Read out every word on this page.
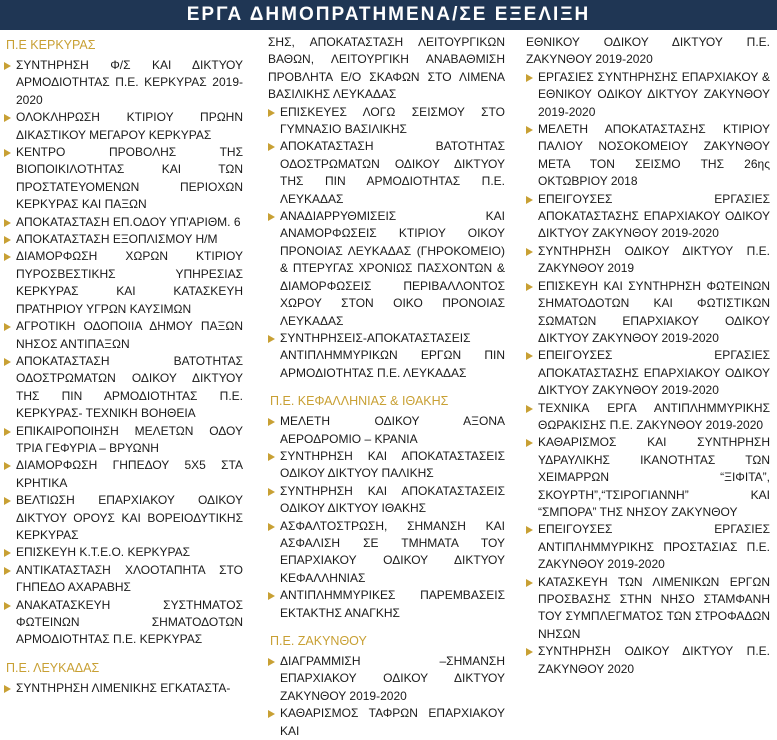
ΕΡΓΑ ΔΗΜΟΠΡΑΤΗΜΕΝΑ/ΣΕ ΕΞΕΛΙΞΗ
Π.Ε ΚΕΡΚΥΡΑΣ
ΣΥΝΤΗΡΗΣΗ Φ/Σ ΚΑΙ ΔΙΚΤΥΟΥ ΑΡΜΟΔΙΟΤΗΤΑΣ Π.Ε. ΚΕΡΚΥΡΑΣ 2019-2020
ΟΛΟΚΛΗΡΩΣΗ ΚΤΙΡΙΟΥ ΠΡΩΗΝ ΔΙΚΑΣΤΙΚΟΥ ΜΕΓΑΡΟΥ ΚΕΡΚΥΡΑΣ
ΚΕΝΤΡΟ ΠΡΟΒΟΛΗΣ ΤΗΣ ΒΙΟΠΟΙΚΙΛΟΤΗΤΑΣ ΚΑΙ ΤΩΝ ΠΡΟΣΤΑΤΕΥΟΜΕΝΩΝ ΠΕΡΙΟΧΩΝ ΚΕΡΚΥΡΑΣ ΚΑΙ ΠΑΞΩΝ
ΑΠΟΚΑΤΑΣΤΑΣΗ ΕΠ.ΟΔΟΥ ΥΠ'ΑΡΙΘΜ. 6
ΑΠΟΚΑΤΑΣΤΑΣΗ ΕΞΟΠΛΙΣΜΟΥ Η/Μ
ΔΙΑΜΟΡΦΩΣΗ ΧΩΡΩΝ ΚΤΙΡΙΟΥ ΠΥΡΟΣΒΕΣΤΙΚΗΣ ΥΠΗΡΕΣΙΑΣ ΚΕΡΚΥΡΑΣ ΚΑΙ ΚΑΤΑΣΚΕΥΗ ΠΡΑΤΗΡΙΟΥ ΥΓΡΩΝ ΚΑΥΣΙΜΩΝ
ΑΓΡΟΤΙΚΗ ΟΔΟΠΟΙΙΑ ΔΗΜΟΥ ΠΑΞΩΝ ΝΗΣΟΣ ΑΝΤΙΠΑΞΩΝ
ΑΠΟΚΑΤΑΣΤΑΣΗ ΒΑΤΟΤΗΤΑΣ ΟΔΟΣΤΡΩΜΑΤΩΝ ΟΔΙΚΟΥ ΔΙΚΤΥΟΥ ΤΗΣ ΠΙΝ ΑΡΜΟΔΙΟΤΗΤΑΣ Π.Ε. ΚΕΡΚΥΡΑΣ- ΤΕΧΝΙΚΗ ΒΟΗΘΕΙΑ
ΕΠΙΚΑΙΡΟΠΟΙΗΣΗ ΜΕΛΕΤΩΝ ΟΔΟΥ ΤΡΙΑ ΓΕΦΥΡΙΑ – ΒΡΥΩΝΗ
ΔΙΑΜΟΡΦΩΣΗ ΓΗΠΕΔΟΥ 5Χ5 ΣΤΑ ΚΡΗΤΙΚΑ
ΒΕΛΤΙΩΣΗ ΕΠΑΡΧΙΑΚΟΥ ΟΔΙΚΟΥ ΔΙΚΤΥΟΥ ΟΡΟΥΣ ΚΑΙ ΒΟΡΕΙΟΔΥΤΙΚΗΣ ΚΕΡΚΥΡΑΣ
ΕΠΙΣΚΕΥΗ Κ.Τ.Ε.Ο. ΚΕΡΚΥΡΑΣ
ΑΝΤΙΚΑΤΑΣΤΑΣΗ ΧΛΟΟΤΑΠΗΤΑ ΣΤΟ ΓΗΠΕΔΟ ΑΧΑΡΑΒΗΣ
ΑΝΑΚΑΤΑΣΚΕΥΗ ΣΥΣΤΗΜΑΤΟΣ ΦΩΤΕΙΝΩΝ ΣΗΜΑΤΟΔΟΤΩΝ ΑΡΜΟΔΙΟΤΗΤΑΣ Π.Ε. ΚΕΡΚΥΡΑΣ
Π.Ε. ΛΕΥΚΑΔΑΣ
ΣΥΝΤΗΡΗΣΗ ΛΙΜΕΝΙΚΗΣ ΕΓΚΑΤΑΣΤΑ-
ΣΗΣ, ΑΠΟΚΑΤΑΣΤΑΣΗ ΛΕΙΤΟΥΡΓΙΚΩΝ ΒΑΘΩΝ, ΛΕΙΤΟΥΡΓΙΚΗ ΑΝΑΒΑΘΜΙΣΗ ΠΡΟΒΛΗΤΑ Ε/Ο ΣΚΑΦΩΝ ΣΤΟ ΛΙΜΕΝΑ ΒΑΣΙΛΙΚΗΣ ΛΕΥΚΑΔΑΣ
ΕΠΙΣΚΕΥΕΣ ΛΟΓΩ ΣΕΙΣΜΟΥ ΣΤΟ ΓΥΜΝΑΣΙΟ ΒΑΣΙΛΙΚΗΣ
ΑΠΟΚΑΤΑΣΤΑΣΗ ΒΑΤΟΤΗΤΑΣ ΟΔΟΣΤΡΩΜΑΤΩΝ ΟΔΙΚΟΥ ΔΙΚΤΥΟΥ ΤΗΣ ΠΙΝ ΑΡΜΟΔΙΟΤΗΤΑΣ Π.Ε. ΛΕΥΚΑΔΑΣ
ΑΝΑΔΙΑΡΡΥΘΜΙΣΕΙΣ ΚΑΙ ΑΝΑΜΟΡΦΩΣΕΙΣ ΚΤΙΡΙΟΥ ΟΙΚΟΥ ΠΡΟΝΟΙΑΣ ΛΕΥΚΑΔΑΣ (ΓΗΡΟΚΟΜΕΙΟ) & ΠΤΕΡΥΓΑΣ ΧΡΟΝΙΩΣ ΠΑΣΧΟΝΤΩΝ & ΔΙΑΜΟΡΦΩΣΕΙΣ ΠΕΡΙΒΑΛΛΟΝΤΟΣ ΧΩΡΟΥ ΣΤΟΝ ΟΙΚΟ ΠΡΟΝΟΙΑΣ ΛΕΥΚΑΔΑΣ
ΣΥΝΤΗΡΗΣΕΙΣ-ΑΠΟΚΑΤΑΣΤΑΣΕΙΣ ΑΝΤΙΠΛΗΜΜΥΡΙΚΩΝ ΕΡΓΩΝ ΠΙΝ ΑΡΜΟΔΙΟΤΗΤΑΣ Π.Ε. ΛΕΥΚΑΔΑΣ
Π.Ε. ΚΕΦΑΛΛΗΝΙΑΣ & ΙΘΑΚΗΣ
ΜΕΛΕΤΗ ΟΔΙΚΟΥ ΑΞΟΝΑ ΑΕΡΟΔΡΟΜΙΟ – ΚΡΑΝΙΑ
ΣΥΝΤΗΡΗΣΗ ΚΑΙ ΑΠΟΚΑΤΑΣΤΑΣΕΙΣ ΟΔΙΚΟΥ ΔΙΚΤΥΟΥ ΠΑΛΙΚΗΣ
ΣΥΝΤΗΡΗΣΗ ΚΑΙ ΑΠΟΚΑΤΑΣΤΑΣΕΙΣ ΟΔΙΚΟΥ ΔΙΚΤΥΟΥ ΙΘΑΚΗΣ
ΑΣΦΑΛΤΟΣΤΡΩΣΗ, ΣΗΜΑΝΣΗ ΚΑΙ ΑΣΦΑΛΙΣΗ ΣΕ ΤΜΗΜΑΤΑ ΤΟΥ ΕΠΑΡΧΙΑΚΟΥ ΟΔΙΚΟΥ ΔΙΚΤΥΟΥ ΚΕΦΑΛΛΗΝΙΑΣ
ΑΝΤΙΠΛΗΜΜΥΡΙΚΕΣ ΠΑΡΕΜΒΑΣΕΙΣ ΕΚΤΑΚΤΗΣ ΑΝΑΓΚΗΣ
Π.Ε. ΖΑΚΥΝΘΟΥ
ΔΙΑΓΡΑΜΜΙΣΗ –ΣΗΜΑΝΣΗ ΕΠΑΡΧΙΑΚΟΥ ΟΔΙΚΟΥ ΔΙΚΤΥΟΥ ΖΑΚΥΝΘΟΥ 2019-2020
ΚΑΘΑΡΙΣΜΟΣ ΤΑΦΡΩΝ ΕΠΑΡΧΙΑΚΟΥ ΚΑΙ
ΕΘΝΙΚΟΥ ΟΔΙΚΟΥ ΔΙΚΤΥΟΥ Π.Ε. ΖΑΚΥΝΘΟΥ 2019-2020
ΕΡΓΑΣΙΕΣ ΣΥΝΤΗΡΗΣΗΣ ΕΠΑΡΧΙΑΚΟΥ & ΕΘΝΙΚΟΥ ΟΔΙΚΟΥ ΔΙΚΤΥΟΥ ΖΑΚΥΝΘΟΥ 2019-2020
ΜΕΛΕΤΗ ΑΠΟΚΑΤΑΣΤΑΣΗΣ ΚΤΙΡΙΟΥ ΠΑΛΙΟΥ ΝΟΣΟΚΟΜΕΙΟΥ ΖΑΚΥΝΘΟΥ ΜΕΤΑ ΤΟΝ ΣΕΙΣΜΟ ΤΗΣ 26ης ΟΚΤΩΒΡΙΟΥ 2018
ΕΠΕΙΓΟΥΣΕΣ ΕΡΓΑΣΙΕΣ ΑΠΟΚΑΤΑΣΤΑΣΗΣ ΕΠΑΡΧΙΑΚΟΥ ΟΔΙΚΟΥ ΔΙΚΤΥΟΥ ΖΑΚΥΝΘΟΥ 2019-2020
ΣΥΝΤΗΡΗΣΗ ΟΔΙΚΟΥ ΔΙΚΤΥΟΥ Π.Ε. ΖΑΚΥΝΘΟΥ 2019
ΕΠΙΣΚΕΥΗ ΚΑΙ ΣΥΝΤΗΡΗΣΗ ΦΩΤΕΙΝΩΝ ΣΗΜΑΤΟΔΟΤΩΝ ΚΑΙ ΦΩΤΙΣΤΙΚΩΝ ΣΩΜΑΤΩΝ ΕΠΑΡΧΙΑΚΟΥ ΟΔΙΚΟΥ ΔΙΚΤΥΟΥ ΖΑΚΥΝΘΟΥ 2019-2020
ΕΠΕΙΓΟΥΣΕΣ ΕΡΓΑΣΙΕΣ ΑΠΟΚΑΤΑΣΤΑΣΗΣ ΕΠΑΡΧΙΑΚΟΥ ΟΔΙΚΟΥ ΔΙΚΤΥΟΥ ΖΑΚΥΝΘΟΥ 2019-2020
ΤΕΧΝΙΚΑ ΕΡΓΑ ΑΝΤΙΠΛΗΜΜΥΡΙΚΗΣ ΘΩΡΑΚΙΣΗΣ Π.Ε. ΖΑΚΥΝΘΟΥ 2019-2020
ΚΑΘΑΡΙΣΜΟΣ ΚΑΙ ΣΥΝΤΗΡΗΣΗ ΥΔΡΑΥΛΙΚΗΣ ΙΚΑΝΟΤΗΤΑΣ ΤΩΝ ΧΕΙΜΑΡΡΩΝ “ΞΙΦΙΤΑ”, ΣΚΟΥΡΤΗ”,“ΤΣΙΡΟΓΙΑΝΝΗ” ΚΑΙ “ΣΜΠΟΡΑ” ΤΗΣ ΝΗΣΟΥ ΖΑΚΥΝΘΟΥ
ΕΠΕΙΓΟΥΣΕΣ ΕΡΓΑΣΙΕΣ ΑΝΤΙΠΛΗΜΜΥΡΙΚΗΣ ΠΡΟΣΤΑΣΙΑΣ Π.Ε. ΖΑΚΥΝΘΟΥ 2019-2020
ΚΑΤΑΣΚΕΥΗ ΤΩΝ ΛΙΜΕΝΙΚΩΝ ΕΡΓΩΝ ΠΡΟΣΒΑΣΗΣ ΣΤΗΝ ΝΗΣΟ ΣΤΑΜΦΑΝΗ ΤΟΥ ΣΥΜΠΛΕΓΜΑΤΟΣ ΤΩΝ ΣΤΡΟΦΑΔΩΝ ΝΗΣΩΝ
ΣΥΝΤΗΡΗΣΗ ΟΔΙΚΟΥ ΔΙΚΤΥΟΥ Π.Ε. ΖΑΚΥΝΘΟΥ 2020
